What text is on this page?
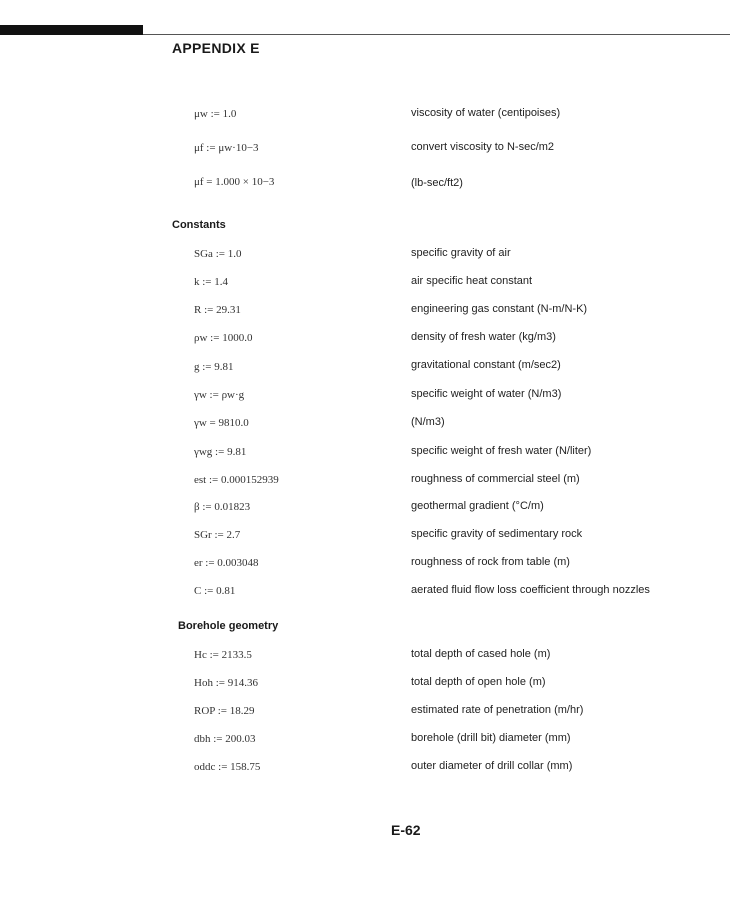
APPENDIX E
μw := 1.0	viscosity of water (centipoises)
μf := μw·10−3	convert viscosity to N-sec/m2
μf = 1.000 × 10−3	(lb-sec/ft2)
Constants
SGa := 1.0	specific gravity of air
k := 1.4	air specific heat constant
R := 29.31	engineering gas constant (N-m/N-K)
ρw := 1000.0	density of fresh water (kg/m3)
g := 9.81	gravitational constant (m/sec2)
γw := ρw·g	specific weight of water (N/m3)
γw = 9810.0	(N/m3)
γwg := 9.81	specific weight of fresh water (N/liter)
est := 0.000152939	roughness of commercial steel (m)
β := 0.01823	geothermal gradient (°C/m)
SGr := 2.7	specific gravity of sedimentary rock
er := 0.003048	roughness of rock from table (m)
C := 0.81	aerated fluid flow loss coefficient through nozzles
Borehole geometry
Hc := 2133.5	total depth of cased hole (m)
Hoh := 914.36	total depth of open hole (m)
ROP := 18.29	estimated rate of penetration (m/hr)
dbh := 200.03	borehole (drill bit) diameter (mm)
oddc := 158.75	outer diameter of drill collar (mm)
E-62
